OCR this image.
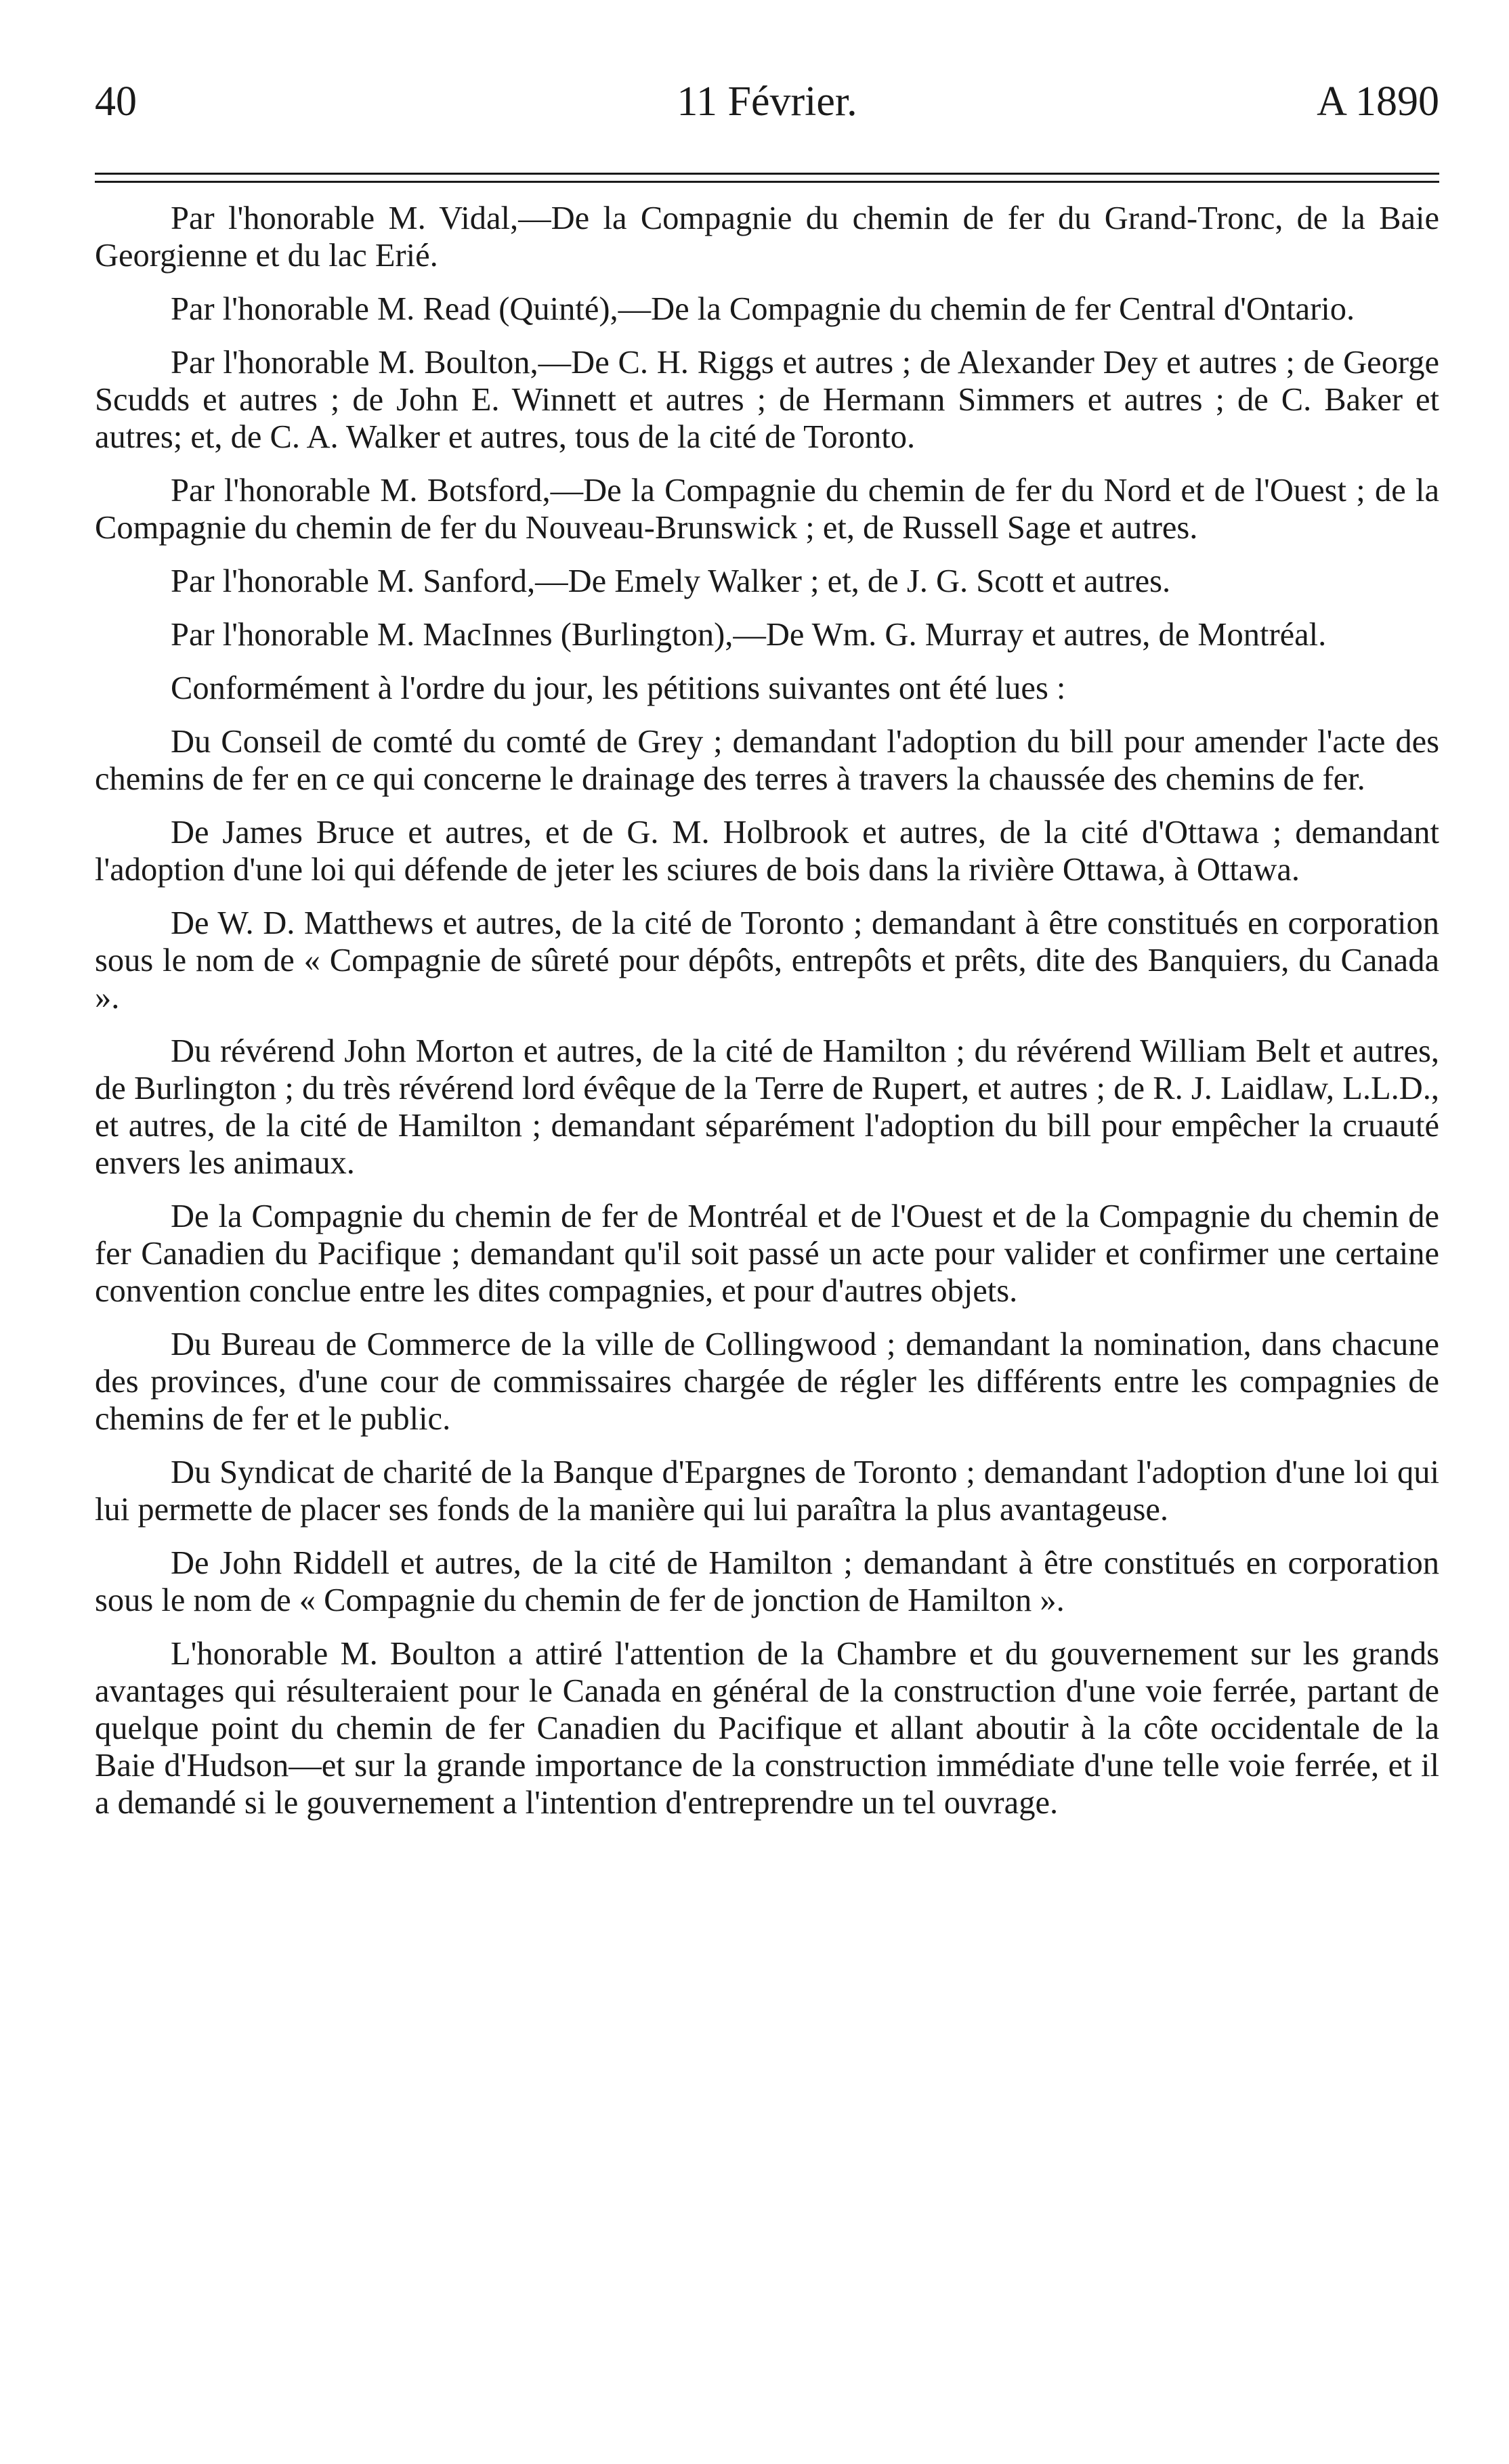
40	11 Février.	A 1890

Par l'honorable M. Vidal,—De la Compagnie du chemin de fer du Grand-Tronc, de la Baie Georgienne et du lac Erié.

Par l'honorable M. Read (Quinté),—De la Compagnie du chemin de fer Central d'Ontario.

Par l'honorable M. Boulton,—De C. H. Riggs et autres ; de Alexander Dey et autres ; de George Scudds et autres ; de John E. Winnett et autres ; de Hermann Simmers et autres ; de C. Baker et autres; et, de C. A. Walker et autres, tous de la cité de Toronto.

Par l'honorable M. Botsford,—De la Compagnie du chemin de fer du Nord et de l'Ouest ; de la Compagnie du chemin de fer du Nouveau-Brunswick ; et, de Russell Sage et autres.

Par l'honorable M. Sanford,—De Emely Walker ; et, de J. G. Scott et autres.

Par l'honorable M. MacInnes (Burlington),—De Wm. G. Murray et autres, de Montréal.

Conformément à l'ordre du jour, les pétitions suivantes ont été lues :

Du Conseil de comté du comté de Grey ; demandant l'adoption du bill pour amender l'acte des chemins de fer en ce qui concerne le drainage des terres à travers la chaussée des chemins de fer.

De James Bruce et autres, et de G. M. Holbrook et autres, de la cité d'Ottawa ; demandant l'adoption d'une loi qui défende de jeter les sciures de bois dans la rivière Ottawa, à Ottawa.

De W. D. Matthews et autres, de la cité de Toronto ; demandant à être constitués en corporation sous le nom de « Compagnie de sûreté pour dépôts, entrepôts et prêts, dite des Banquiers, du Canada ».

Du révérend John Morton et autres, de la cité de Hamilton ; du révérend William Belt et autres, de Burlington ; du très révérend lord évêque de la Terre de Rupert, et autres ; de R. J. Laidlaw, L.L.D., et autres, de la cité de Hamilton ; demandant séparément l'adoption du bill pour empêcher la cruauté envers les animaux.

De la Compagnie du chemin de fer de Montréal et de l'Ouest et de la Compagnie du chemin de fer Canadien du Pacifique ; demandant qu'il soit passé un acte pour valider et confirmer une certaine convention conclue entre les dites compagnies, et pour d'autres objets.

Du Bureau de Commerce de la ville de Collingwood ; demandant la nomination, dans chacune des provinces, d'une cour de commissaires chargée de régler les différents entre les compagnies de chemins de fer et le public.

Du Syndicat de charité de la Banque d'Epargnes de Toronto ; demandant l'adoption d'une loi qui lui permette de placer ses fonds de la manière qui lui paraîtra la plus avantageuse.

De John Riddell et autres, de la cité de Hamilton ; demandant à être constitués en corporation sous le nom de « Compagnie du chemin de fer de jonction de Hamilton ».

L'honorable M. Boulton a attiré l'attention de la Chambre et du gouvernement sur les grands avantages qui résulteraient pour le Canada en général de la construction d'une voie ferrée, partant de quelque point du chemin de fer Canadien du Pacifique et allant aboutir à la côte occidentale de la Baie d'Hudson—et sur la grande importance de la construction immédiate d'une telle voie ferrée, et il a demandé si le gouvernement a l'intention d'entreprendre un tel ouvrage.
